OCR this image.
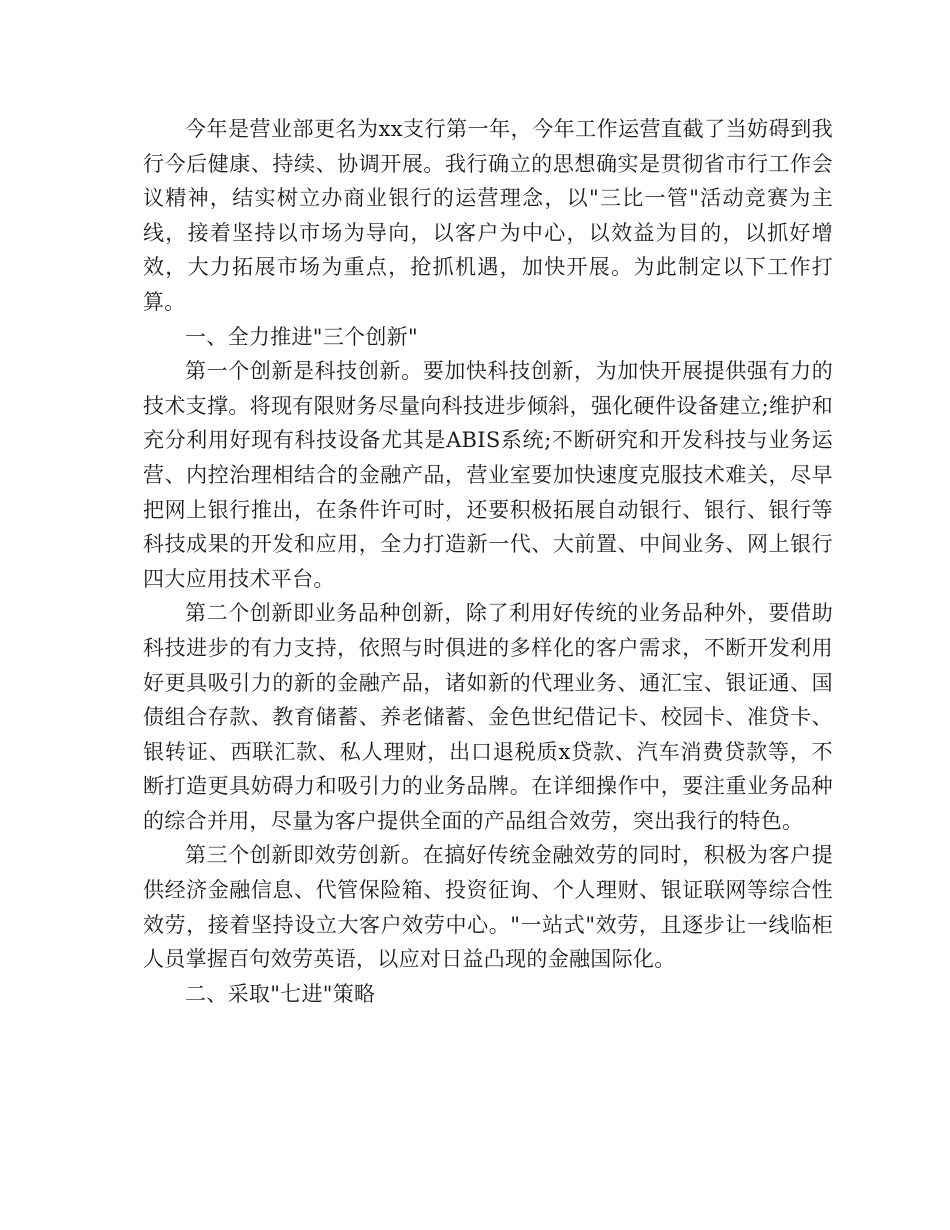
今年是营业部更名为xx支行第一年，今年工作运营直截了当妨碍到我行今后健康、持续、协调开展。我行确立的思想确实是贯彻省市行工作会议精神，结实树立办商业银行的运营理念，以"三比一管"活动竞赛为主线，接着坚持以市场为导向，以客户为中心，以效益为目的，以抓好增效，大力拓展市场为重点，抢抓机遇，加快开展。为此制定以下工作打算。

一、全力推进"三个创新"

第一个创新是科技创新。要加快科技创新，为加快开展提供强有力的技术支撑。将现有限财务尽量向科技进步倾斜，强化硬件设备建立;维护和充分利用好现有科技设备尤其是ABIS系统;不断研究和开发科技与业务运营、内控治理相结合的金融产品，营业室要加快速度克服技术难关，尽早把网上银行推出，在条件许可时，还要积极拓展自动银行、银行、银行等科技成果的开发和应用，全力打造新一代、大前置、中间业务、网上银行四大应用技术平台。

第二个创新即业务品种创新，除了利用好传统的业务品种外，要借助科技进步的有力支持，依照与时俱进的多样化的客户需求，不断开发利用好更具吸引力的新的金融产品，诸如新的代理业务、通汇宝、银证通、国债组合存款、教育储蓄、养老储蓄、金色世纪借记卡、校园卡、准贷卡、银转证、西联汇款、私人理财，出口退税质x贷款、汽车消费贷款等，不断打造更具妨碍力和吸引力的业务品牌。在详细操作中，要注重业务品种的综合并用，尽量为客户提供全面的产品组合效劳，突出我行的特色。

第三个创新即效劳创新。在搞好传统金融效劳的同时，积极为客户提供经济金融信息、代管保险箱、投资征询、个人理财、银证联网等综合性效劳，接着坚持设立大客户效劳中心。"一站式"效劳，且逐步让一线临柜人员掌握百句效劳英语，以应对日益凸现的金融国际化。

二、采取"七进"策略
